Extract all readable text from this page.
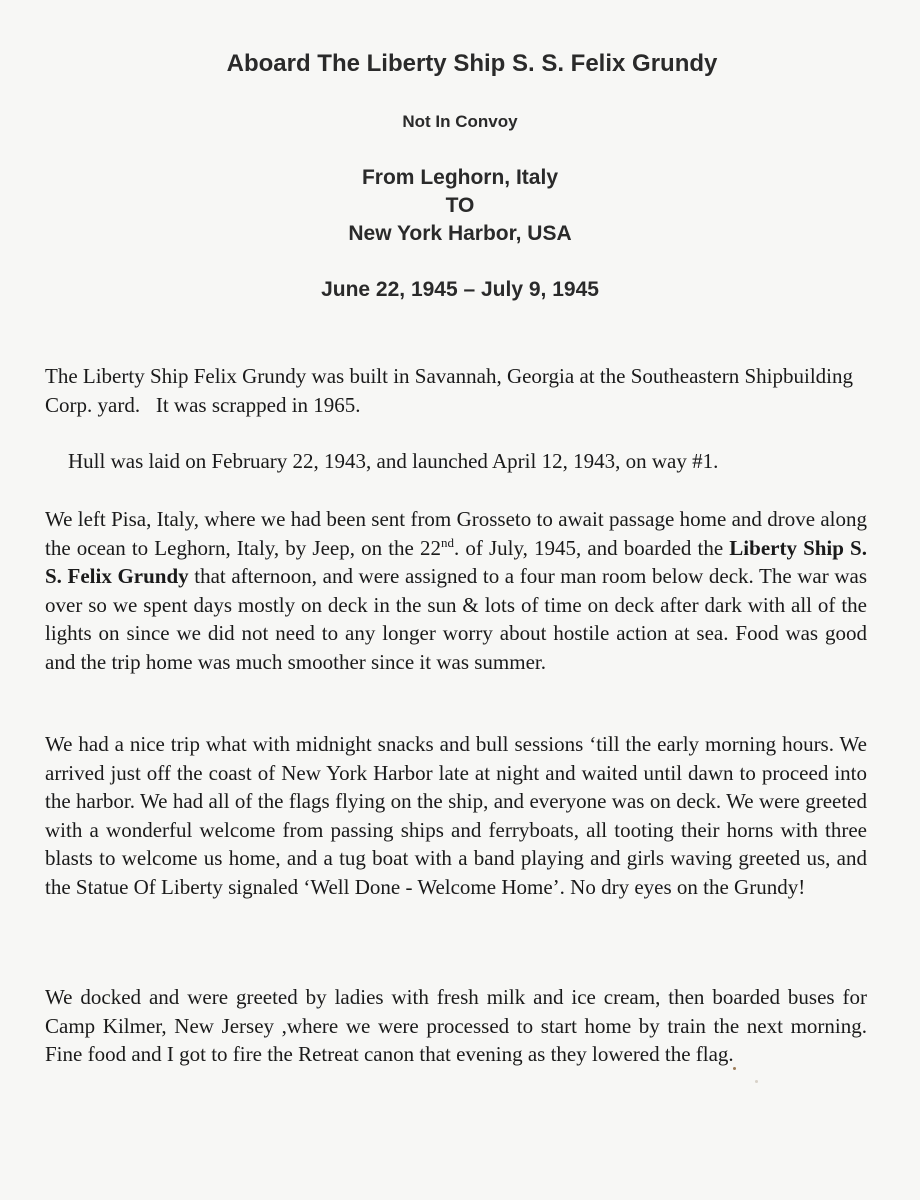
Aboard The Liberty Ship S. S. Felix Grundy
Not In Convoy
From Leghorn, Italy
TO
New York Harbor, USA
June 22, 1945 – July 9, 1945

The Liberty Ship Felix Grundy was built in Savannah, Georgia at the Southeastern Shipbuilding Corp. yard. It was scrapped in 1965.

Hull was laid on February 22, 1943, and launched April 12, 1943, on way #1.

We left Pisa, Italy, where we had been sent from Grosseto to await passage home and drove along the ocean to Leghorn, Italy, by Jeep, on the 22nd. of July, 1945, and boarded the Liberty Ship S. S. Felix Grundy that afternoon, and were assigned to a four man room below deck. The war was over so we spent days mostly on deck in the sun & lots of time on deck after dark with all of the lights on since we did not need to any longer worry about hostile action at sea. Food was good and the trip home was much smoother since it was summer.

We had a nice trip what with midnight snacks and bull sessions ‘till the early morning hours. We arrived just off the coast of New York Harbor late at night and waited until dawn to proceed into the harbor. We had all of the flags flying on the ship, and everyone was on deck. We were greeted with a wonderful welcome from passing ships and ferryboats, all tooting their horns with three blasts to welcome us home, and a tug boat with a band playing and girls waving greeted us, and the Statue Of Liberty signaled ‘Well Done - Welcome Home’. No dry eyes on the Grundy!

We docked and were greeted by ladies with fresh milk and ice cream, then boarded buses for Camp Kilmer, New Jersey ,where we were processed to start home by train the next morning. Fine food and I got to fire the Retreat canon that evening as they lowered the flag.
